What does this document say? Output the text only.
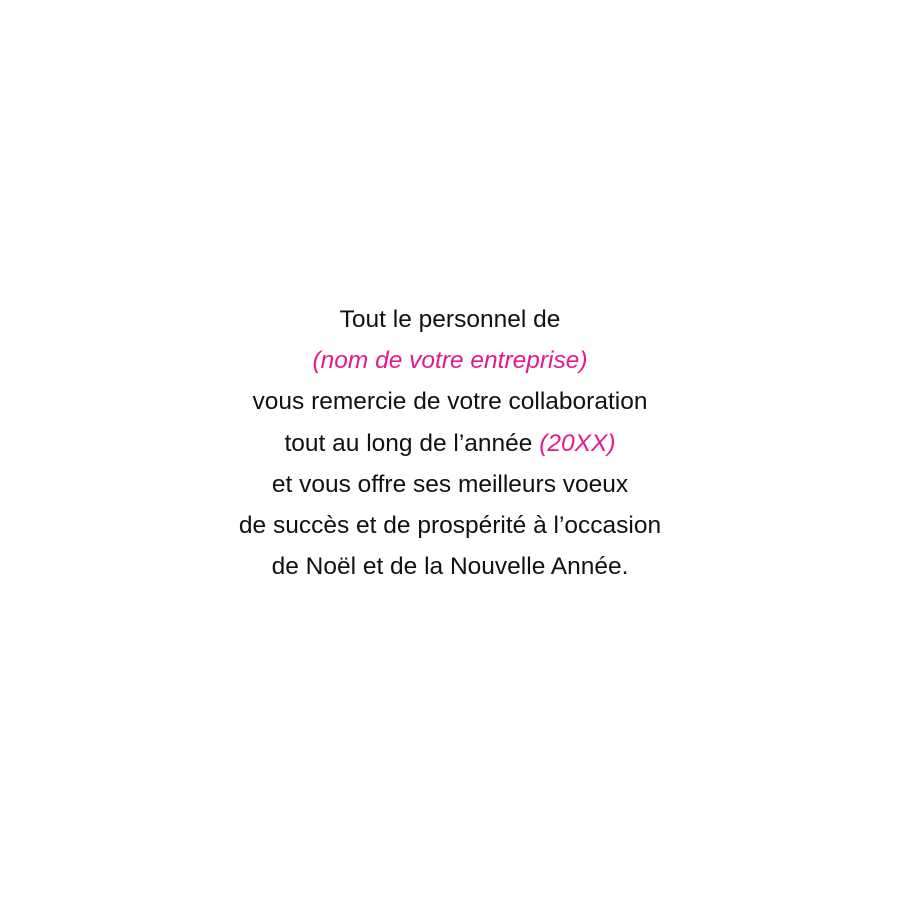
Tout le personnel de
(nom de votre entreprise)
vous remercie de votre collaboration
tout au long de l’année (20XX)
et vous offre ses meilleurs voeux
de succès et de prospérité à l’occasion
de Noël et de la Nouvelle Année.
